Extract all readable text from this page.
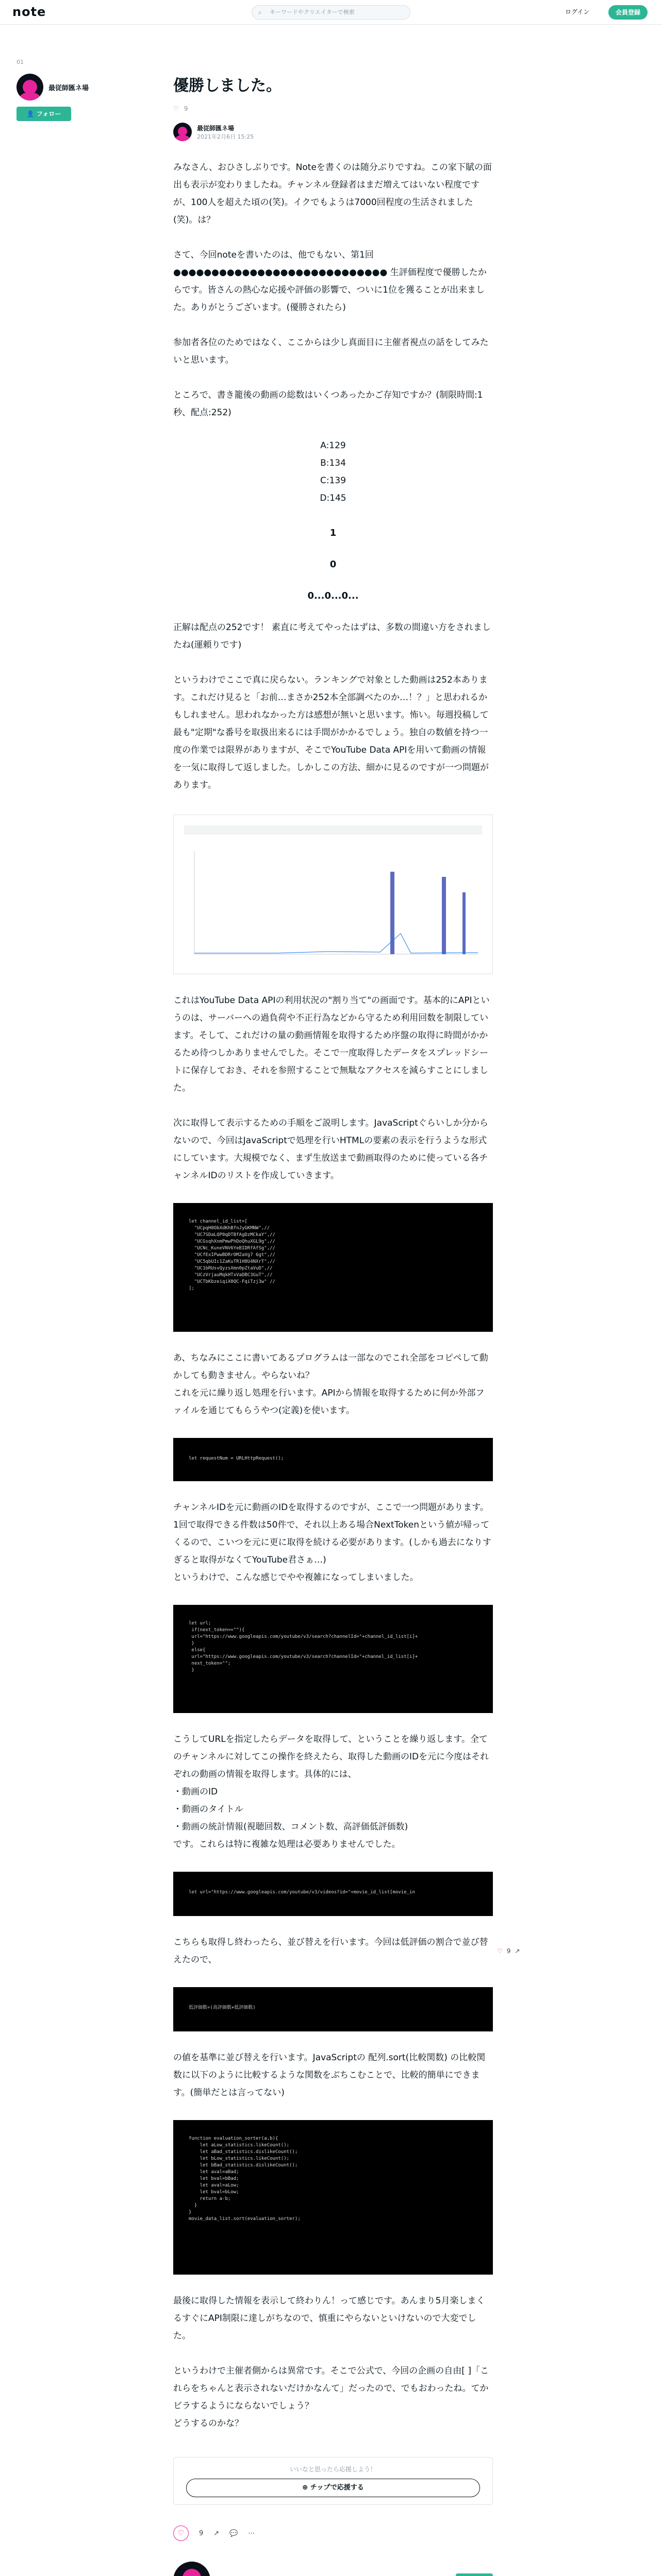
note	⌕ キーワードやクリエイターで検索	ログイン	会員登録
01
最従師匯ネ場
👤 フォロー
優勝しました。
♡ 9
最従師匯ネ場
2021年2月6日 15:25

みなさん、おひさしぶりです。Noteを書くのは随分ぶりですね。この家下賦の面出も表示が変わりましたね。チャンネル登録者はまだ増えてはいない程度ですが、100人を超えた頃の(笑)。イクでもようは7000回程度の生活されました(笑)。は？

さて、今回noteを書いたのは、他でもない、第1回 ●●●●●●●●●●●●●●●●●●●●●●●●●●●● 生評価程度で優勝したからです。皆さんの熱心な応援や評価の影響で、ついに1位を獲ることが出来ました。ありがとうございます。(優勝されたら)

参加者各位のためではなく、ここからは少し真面目に主催者視点の話をしてみたいと思います。

ところで、書き籠後の動画の総数はいくつあったかご存知ですか？(制限時間:1秒、配点:252)

A:129
B:134
C:139
D:145
1
0
0...0...0...

正解は配点の252です！ 素直に考えてやったはずは、多数の間違い方をされましたね(運頼りです)

というわけでここで真に戻らない。ランキングで対象とした動画は252本あります。これだけ見ると「お前…まさか252本全部調べたのか…！？」と思われるかもしれません。思われなかった方は感想が無いと思います。怖い。毎週投稿して最も"定期"な番号を取扱出来るには手間がかかるでしょう。独自の数値を持つ一度の作業では限界がありますが、そこでYouTube Data APIを用いて動画の情報を一気に取得して返しました。しかしこの方法、細かに見るのですが一つ問題があります。

これはYouTube Data APIの利用状況の"割り当て"の画面です。基本的にAPIというのは、サーバーへの過負荷や不正行為などから守るため利用回数を制限しています。そして、これだけの量の動画情報を取得するため序盤の取得に時間がかかるため待つしかありませんでした。そこで一度取得したデータをスプレッドシートに保存しておき、それを参照することで無駄なアクセスを減らすことにしました。

次に取得して表示するための手順をご説明します。JavaScriptぐらいしか分からないので、今回はJavaScriptで処理を行いHTMLの要素の表示を行うような形式にしています。大規模でなく、まず生放送まで動画取得のために使っている各チャンネルIDのリストを作成していきます。

let channel_id_list=[
"UCpqH8ObXdKhBfnJyGKMNW",//
"UC7SDaLQP0qDTBfAgDzMCkaY",//
"UCGsqhXnmPmwPhDoQhuXGL9g",//
"UCNc_KuneVNV6YeBIDRfAfSg",//
"UCfExIPwwBDRrOMZaVg7 6gt",//
"UC5qbUIc1ZaKuTR1H8U4NXrT",//
"UC1bRUsvQyzsXmn0pZtaVuD",//
"UCzVrjauMqkHTxVaDBC3GuT",//
"UCTbKbzeiqiX0QC-FqiTzj3w" //
];

あ、ちなみにここに書いてあるプログラムは一部なのでこれ全部をコピペして動かしても動きません。やらないね？
これを元に繰り返し処理を行います。APIから情報を取得するために何か外部ファイルを通じてもらうやつ(定義)を使います。

let requestNum = URLHttpRequest();

チャンネルIDを元に動画のIDを取得するのですが、ここで一つ問題があります。1回で取得できる件数は50件で、それ以上ある場合NextTokenという値が帰ってくるので、こいつを元に更に取得を続ける必要があります。(しかも過去になりすぎると取得がなくてYouTube君さぁ…)
というわけで、こんな感じでやや複雑になってしまいました。

let url;
if(next_token==""){
url="https://www.googleapis.com/youtube/v3/search?channelId="+channel_id_list[i]+
}
else{
url="https://www.googleapis.com/youtube/v3/search?channelId="+channel_id_list[i]+
next_token="";
}

こうしてURLを指定したらデータを取得して、ということを繰り返します。全てのチャンネルに対してこの操作を終えたら、取得した動画のIDを元に今度はそれぞれの動画の情報を取得します。具体的には、

・動画のID
・動画のタイトル
・動画の統計情報(視聴回数、コメント数、高評価低評価数)

です。これらは特に複雑な処理は必要ありませんでした。

let url="https://www.googleapis.com/youtube/v3/videos?id="+movie_id_list[movie_in

こちらも取得し終わったら、並び替えを行います。今回は低評価の割合で並び替えたので、

低評価数÷(高評価数+低評価数)

の値を基準に並び替えを行います。JavaScriptの 配列.sort(比較関数) の比較関数に以下のように比較するような関数をぶちこむことで、比較的簡単にできます。(簡単だとは言ってない)

function evaluation_sorter(a,b){
let aLow_statistics.likeCount();
let aBad_statistics.dislikeCount();
let bLow_statistics.likeCount();
let bBad_statistics.dislikeCount();
let aval=aBad;
let bval=bBad;
let aval=aLow;
let bval=bLow;
return a-b;
}
}
movie_data_list.sort(evaluation_sorter);

最後に取得した情報を表示して終わりん！って感じです。あんまり5月楽しまくるすぐにAPI制限に達しがちなので、慎重にやらないといけないので大変でした。

というわけで主催者側からは異常です。そこで公式で、今回の企画の自由[ ]「これらをちゃんと表示されないだけかなんて」だったので、でもおわったね。てかビラするようにならないでしょう？
どうするのかな？

いいなと思ったら応援しよう！
⊕ チップで応援する
♡	9 ↗ 💬 ⋯
♡ 9 ↗
